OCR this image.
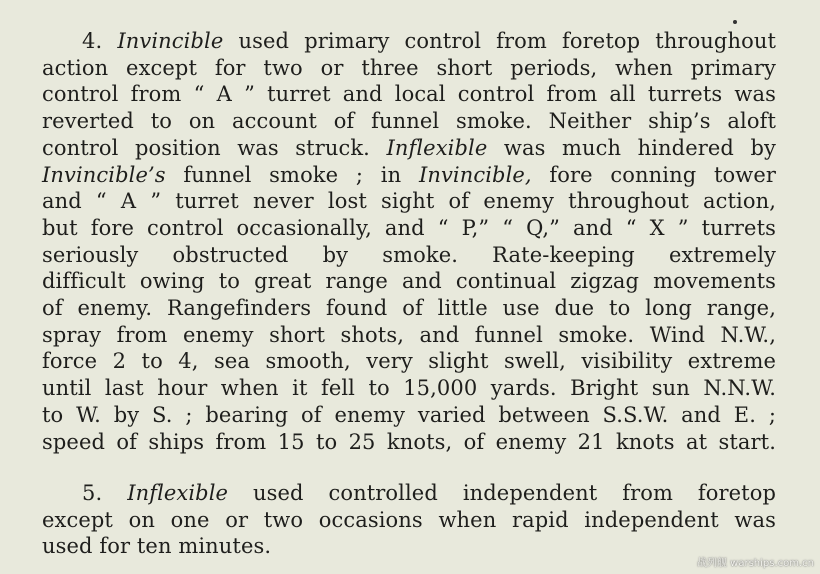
4. Invincible used primary control from foretop throughout
action except for two or three short periods, when primary
control from “ A ” turret and local control from all turrets was
reverted to on account of funnel smoke. Neither ship’s aloft
control position was struck. Inflexible was much hindered by
Invincible’s funnel smoke ; in Invincible, fore conning tower
and “ A ” turret never lost sight of enemy throughout action,
but fore control occasionally, and “ P,” “ Q,” and “ X ” turrets
seriously obstructed by smoke. Rate-keeping extremely
difficult owing to great range and continual zigzag movements
of enemy. Rangefinders found of little use due to long range,
spray from enemy short shots, and funnel smoke. Wind N.W.,
force 2 to 4, sea smooth, very slight swell, visibility extreme
until last hour when it fell to 15,000 yards. Bright sun N.N.W.
to W. by S. ; bearing of enemy varied between S.S.W. and E. ;
speed of ships from 15 to 25 knots, of enemy 21 knots at start.
5. Inflexible used controlled independent from foretop
except on one or two occasions when rapid independent was
used for ten minutes.
战列舰 warships.com.cn
